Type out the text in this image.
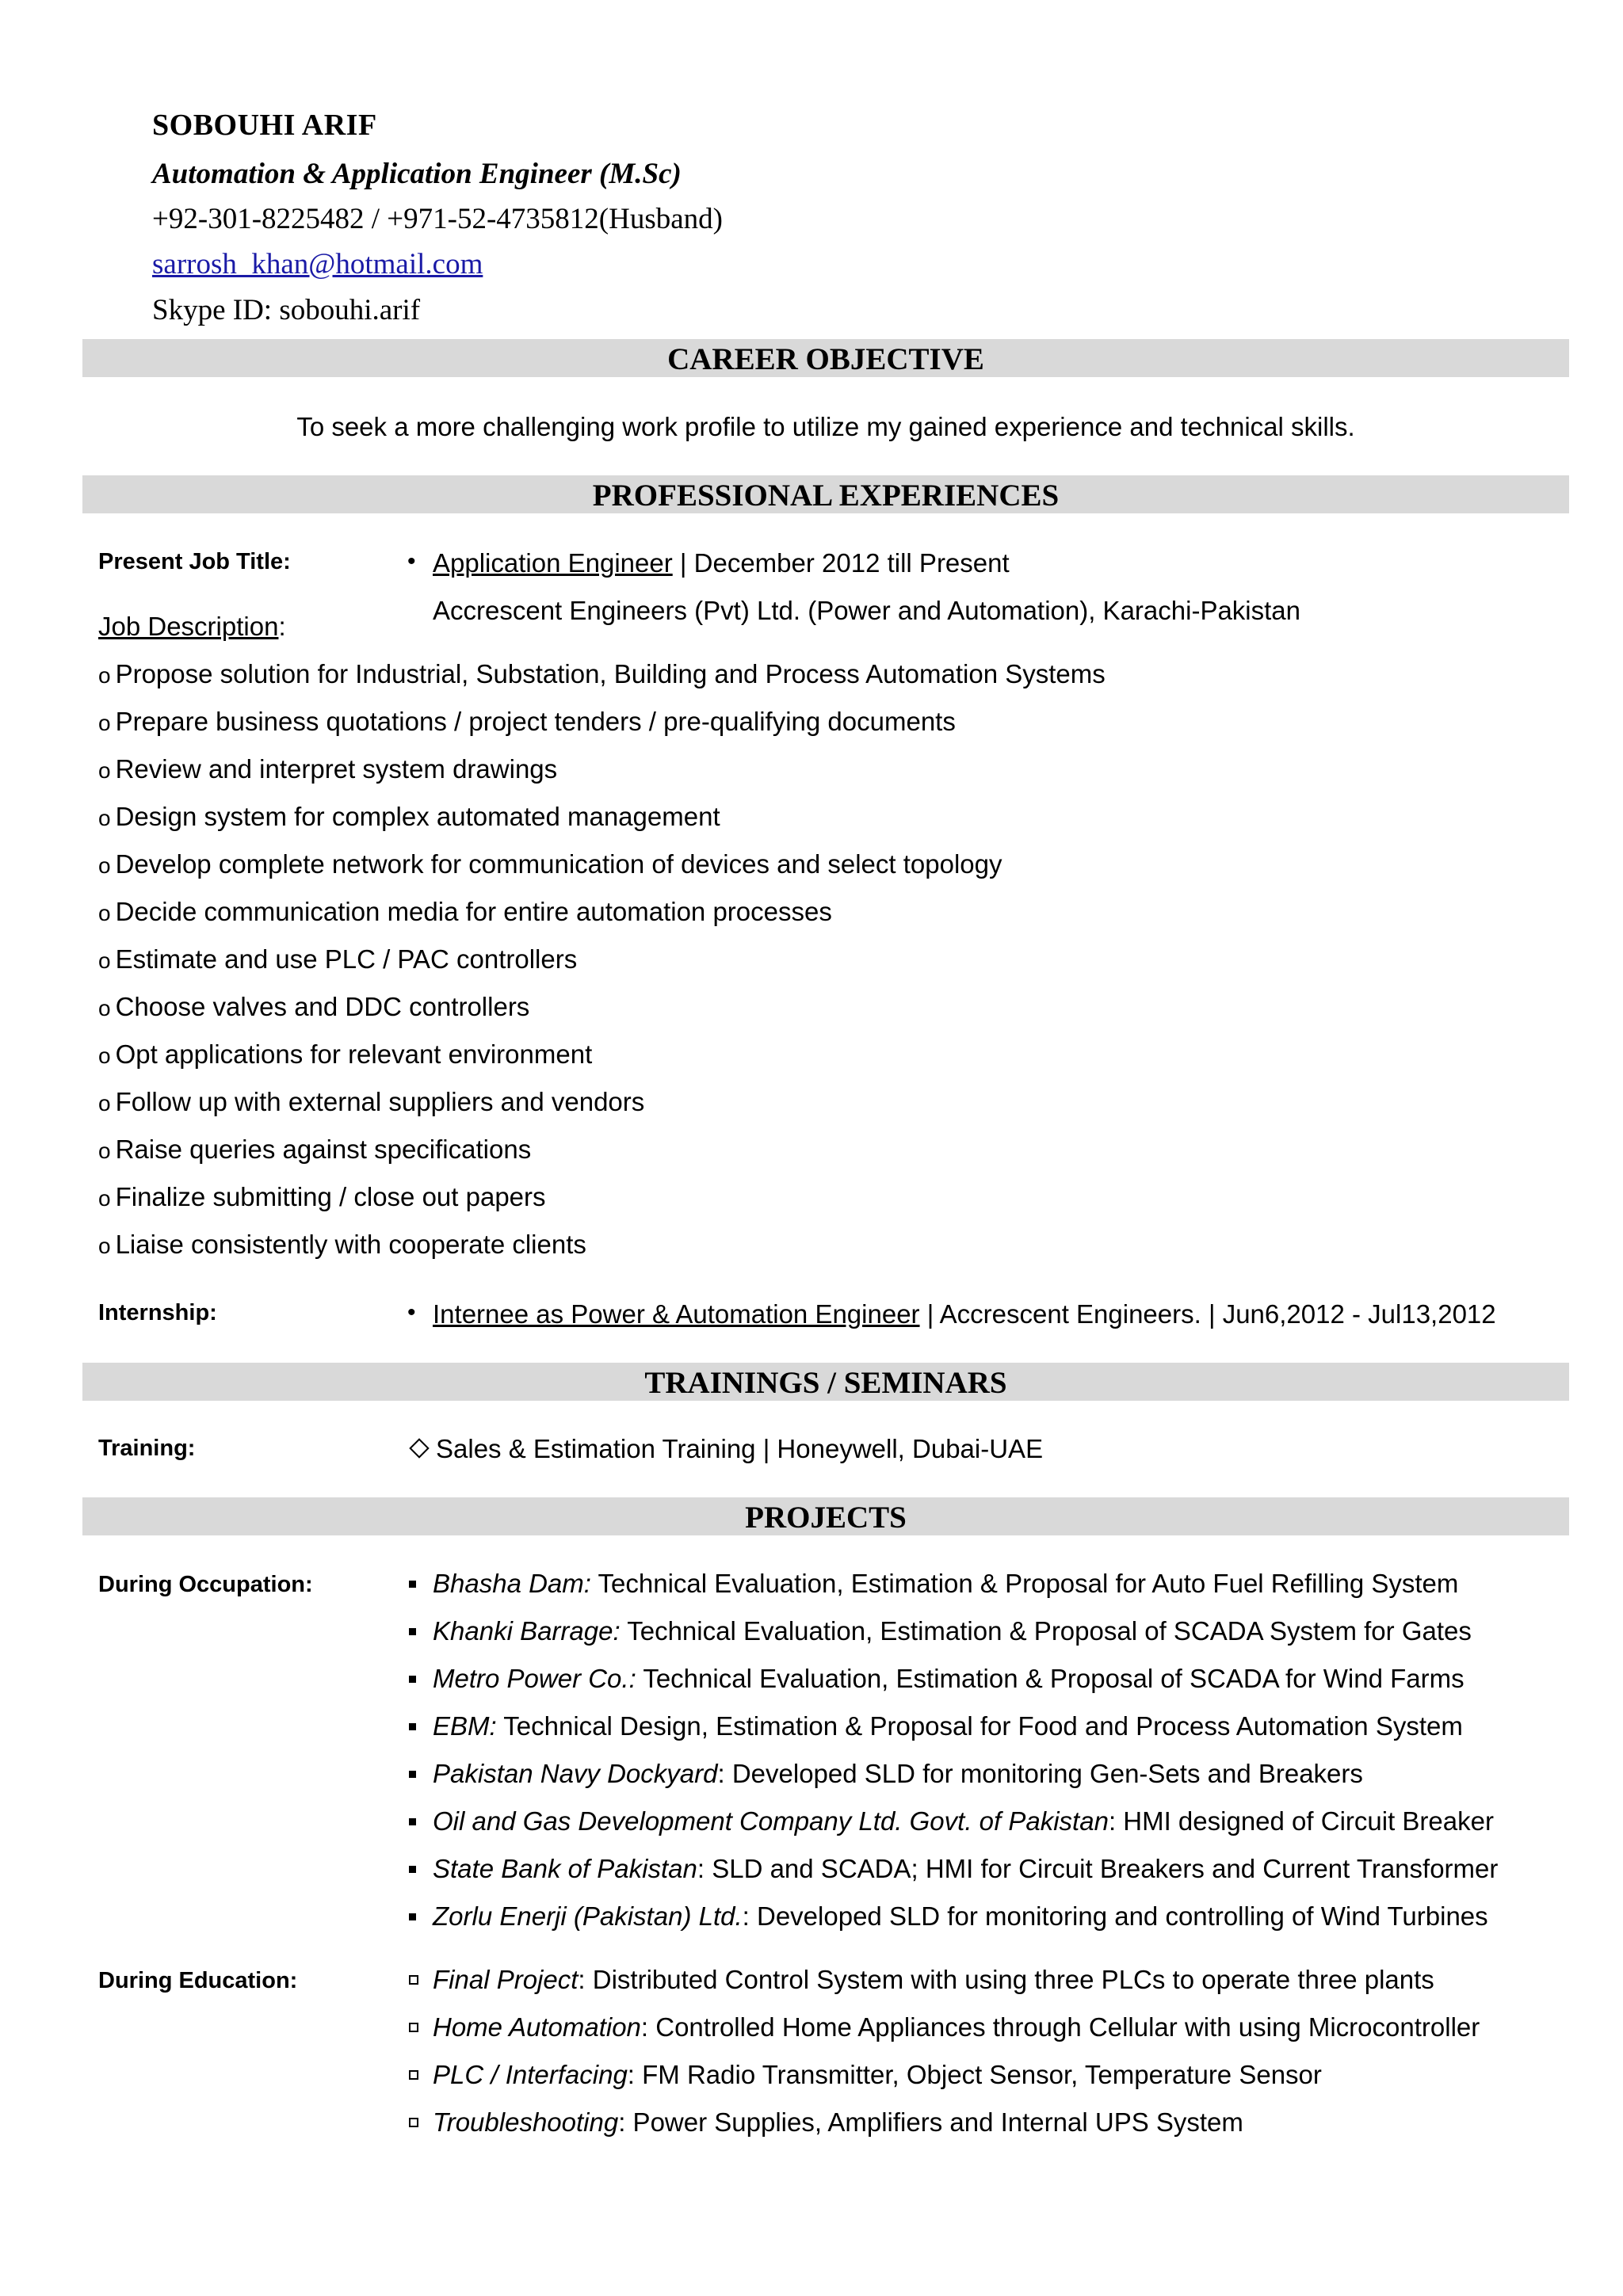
SOBOUHI ARIF
Automation & Application Engineer (M.Sc)
+92-301-8225482 / +971-52-4735812(Husband)
sarrosh_khan@hotmail.com
Skype ID: sobouhi.arif
CAREER OBJECTIVE
To seek a more challenging work profile to utilize my gained experience and technical skills.
PROFESSIONAL EXPERIENCES
Present Job Title:	• Application Engineer | December 2012 till Present
Accrescent Engineers (Pvt) Ltd. (Power and Automation), Karachi-Pakistan
Job Description:
o Propose solution for Industrial, Substation, Building and Process Automation Systems
o Prepare business quotations / project tenders / pre-qualifying documents
o Review and interpret system drawings
o Design system for complex automated management
o Develop complete network for communication of devices and select topology
o Decide communication media for entire automation processes
o Estimate and use PLC / PAC controllers
o Choose valves and DDC controllers
o Opt applications for relevant environment
o Follow up with external suppliers and vendors
o Raise queries against specifications
o Finalize submitting / close out papers
o Liaise consistently with cooperate clients
Internship:	• Internee as Power & Automation Engineer | Accrescent Engineers. | Jun6,2012 - Jul13,2012
TRAININGS / SEMINARS
Training:	Sales & Estimation Training | Honeywell, Dubai-UAE
PROJECTS
During Occupation:	Bhasha Dam: Technical Evaluation, Estimation & Proposal for Auto Fuel Refilling System
Khanki Barrage: Technical Evaluation, Estimation & Proposal of SCADA System for Gates
Metro Power Co.: Technical Evaluation, Estimation & Proposal of SCADA for Wind Farms
EBM: Technical Design, Estimation & Proposal for Food and Process Automation System
Pakistan Navy Dockyard: Developed SLD for monitoring Gen-Sets and Breakers
Oil and Gas Development Company Ltd. Govt. of Pakistan: HMI designed of Circuit Breaker
State Bank of Pakistan: SLD and SCADA; HMI for Circuit Breakers and Current Transformer
Zorlu Enerji (Pakistan) Ltd.: Developed SLD for monitoring and controlling of Wind Turbines
During Education:	Final Project: Distributed Control System with using three PLCs to operate three plants
Home Automation: Controlled Home Appliances through Cellular with using Microcontroller
PLC / Interfacing: FM Radio Transmitter, Object Sensor, Temperature Sensor
Troubleshooting: Power Supplies, Amplifiers and Internal UPS System
